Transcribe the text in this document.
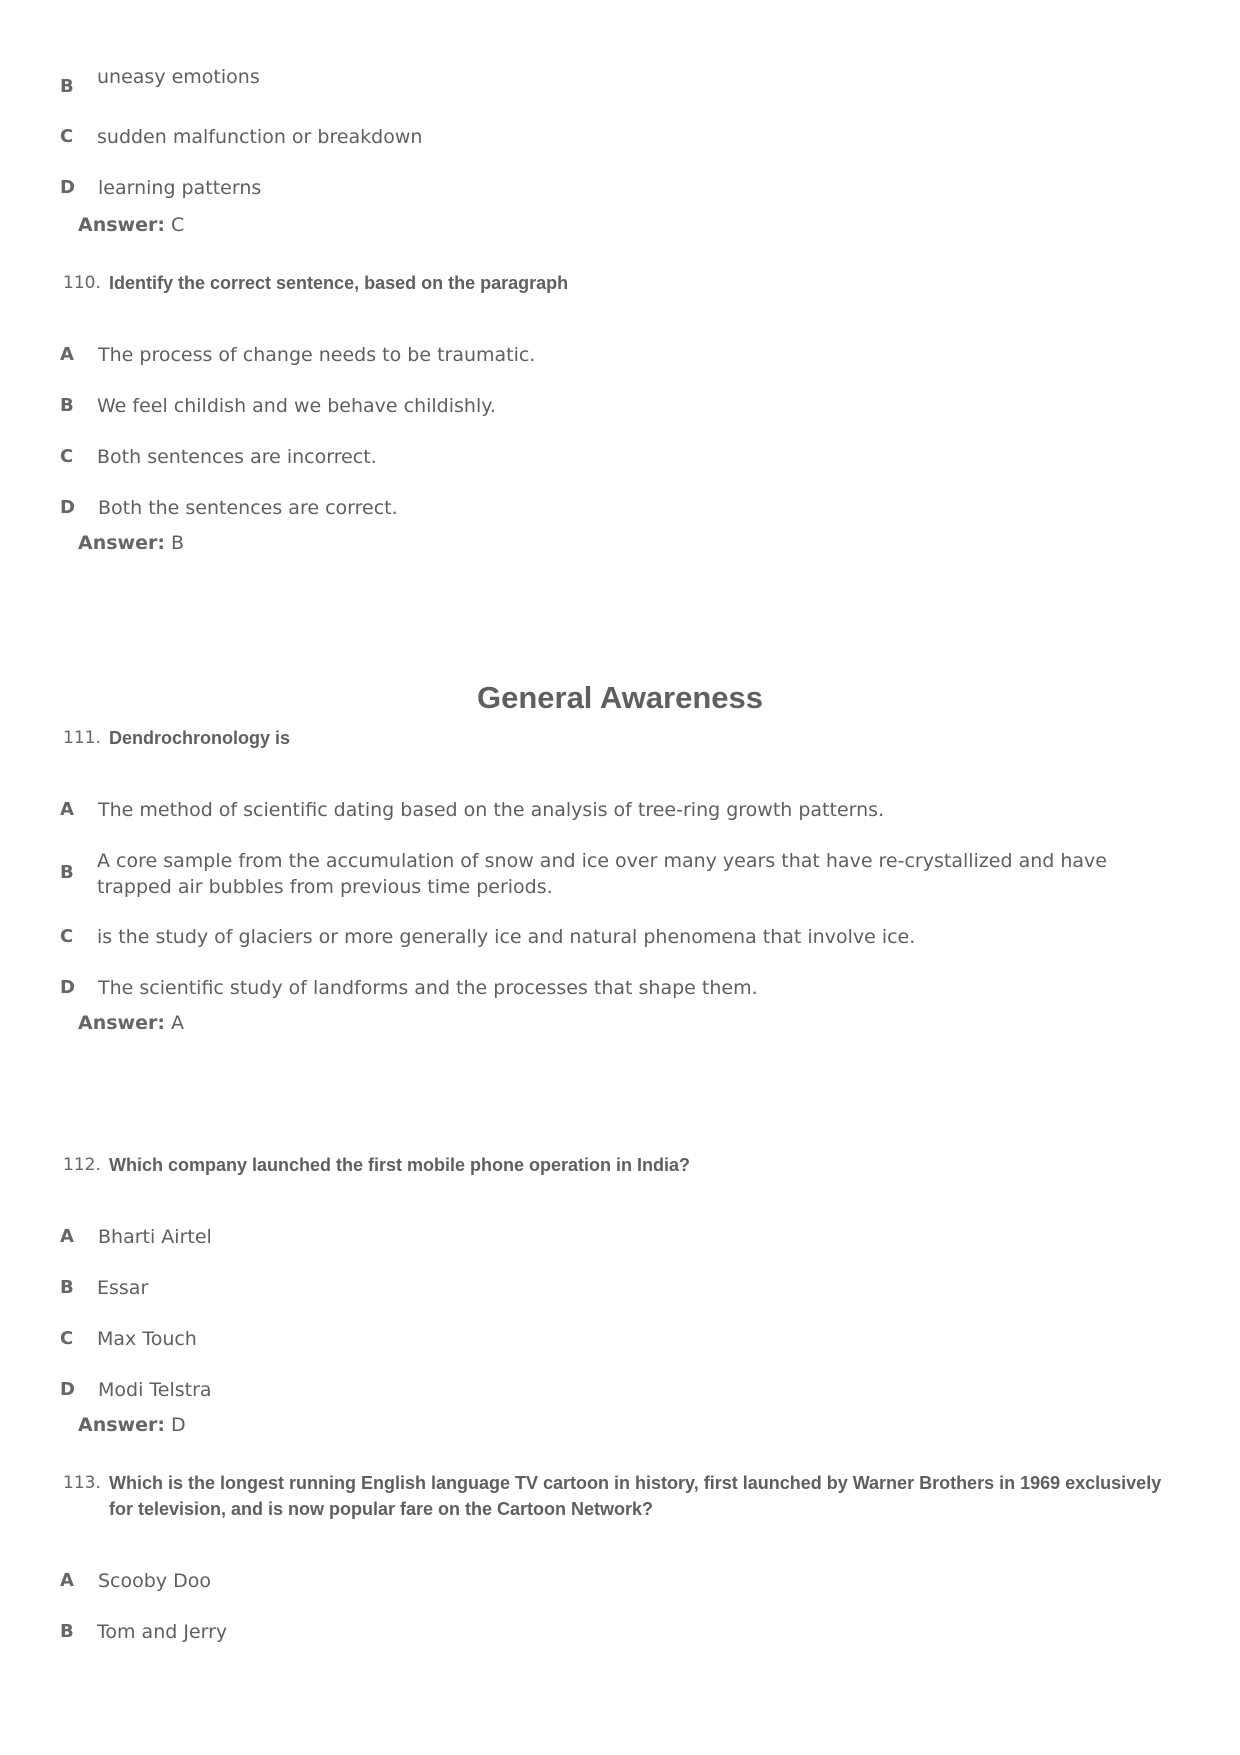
B uneasy emotions
C sudden malfunction or breakdown
D learning patterns
Answer: C
110. Identify the correct sentence, based on the paragraph
A The process of change needs to be traumatic.
B We feel childish and we behave childishly.
C Both sentences are incorrect.
D Both the sentences are correct.
Answer: B
General Awareness
111. Dendrochronology is
A The method of scientific dating based on the analysis of tree-ring growth patterns.
B
A core sample from the accumulation of snow and ice over many years that have re-crystallized and have trapped air bubbles from previous time periods.
C is the study of glaciers or more generally ice and natural phenomena that involve ice.
D The scientific study of landforms and the processes that shape them.
Answer: A
112. Which company launched the first mobile phone operation in India?
A Bharti Airtel
B Essar
C Max Touch
D Modi Telstra
Answer: D
113. Which is the longest running English language TV cartoon in history, first launched by Warner Brothers in 1969 exclusively for television, and is now popular fare on the Cartoon Network?
A Scooby Doo
B Tom and Jerry
